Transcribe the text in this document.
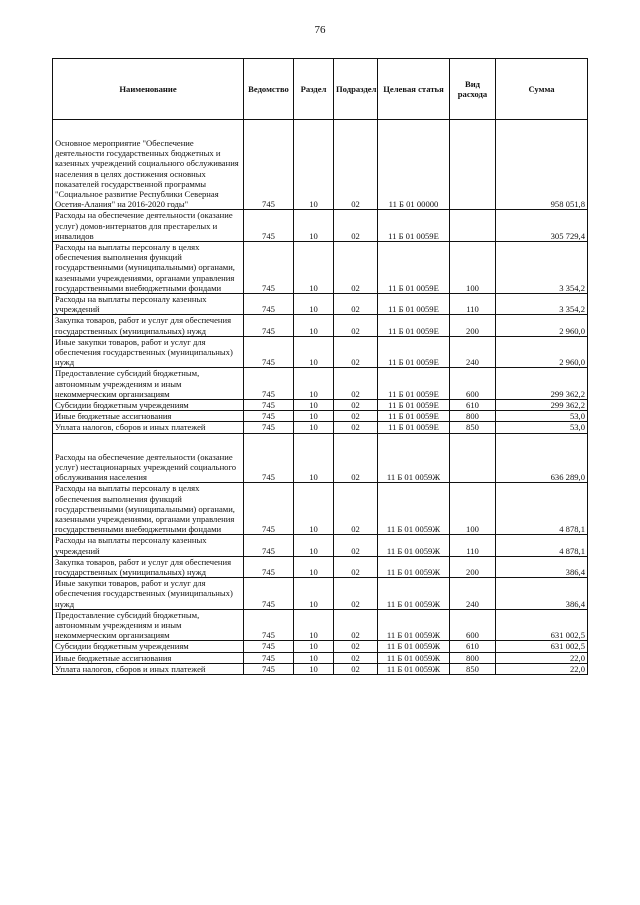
76
Наименование	Ведомство	Раздел	Подраздел	Целевая статья	Вид расхода	Сумма
Основное мероприятие "Обеспечение деятельности государственных бюджетных и казенных учреждений социального обслуживания населения в целях достижения основных показателей государственной программы "Социальное развитие Республики Северная Осетия-Алания" на 2016-2020 годы"	745	10	02	11 Б 01 00000		958 051,8
Расходы на обеспечение деятельности (оказание услуг) домов-интернатов для престарелых и инвалидов	745	10	02	11 Б 01 0059Е		305 729,4
Расходы на выплаты персоналу в целях обеспечения выполнения функций государственными (муниципальными) органами, казенными учреждениями, органами управления государственными внебюджетными фондами	745	10	02	11 Б 01 0059Е	100	3 354,2
Расходы на выплаты персоналу казенных учреждений	745	10	02	11 Б 01 0059Е	110	3 354,2
Закупка товаров, работ и услуг для обеспечения государственных (муниципальных) нужд	745	10	02	11 Б 01 0059Е	200	2 960,0
Иные закупки товаров, работ и услуг для обеспечения государственных (муниципальных) нужд	745	10	02	11 Б 01 0059Е	240	2 960,0
Предоставление субсидий бюджетным, автономным учреждениям и иным некоммерческим организациям	745	10	02	11 Б 01 0059Е	600	299 362,2
Субсидии бюджетным учреждениям	745	10	02	11 Б 01 0059Е	610	299 362,2
Иные бюджетные ассигнования	745	10	02	11 Б 01 0059Е	800	53,0
Уплата налогов, сборов и иных платежей	745	10	02	11 Б 01 0059Е	850	53,0
Расходы на обеспечение деятельности (оказание услуг) нестационарных учреждений социального обслуживания населения	745	10	02	11 Б 01 0059Ж		636 289,0
Расходы на выплаты персоналу в целях обеспечения выполнения функций государственными (муниципальными) органами, казенными учреждениями, органами управления государственными внебюджетными фондами	745	10	02	11 Б 01 0059Ж	100	4 878,1
Расходы на выплаты персоналу казенных учреждений	745	10	02	11 Б 01 0059Ж	110	4 878,1
Закупка товаров, работ и услуг для обеспечения государственных (муниципальных) нужд	745	10	02	11 Б 01 0059Ж	200	386,4
Иные закупки товаров, работ и услуг для обеспечения государственных (муниципальных) нужд	745	10	02	11 Б 01 0059Ж	240	386,4
Предоставление субсидий бюджетным, автономным учреждениям и иным некоммерческим организациям	745	10	02	11 Б 01 0059Ж	600	631 002,5
Субсидии бюджетным учреждениям	745	10	02	11 Б 01 0059Ж	610	631 002,5
Иные бюджетные ассигнования	745	10	02	11 Б 01 0059Ж	800	22,0
Уплата налогов, сборов и иных платежей	745	10	02	11 Б 01 0059Ж	850	22,0
